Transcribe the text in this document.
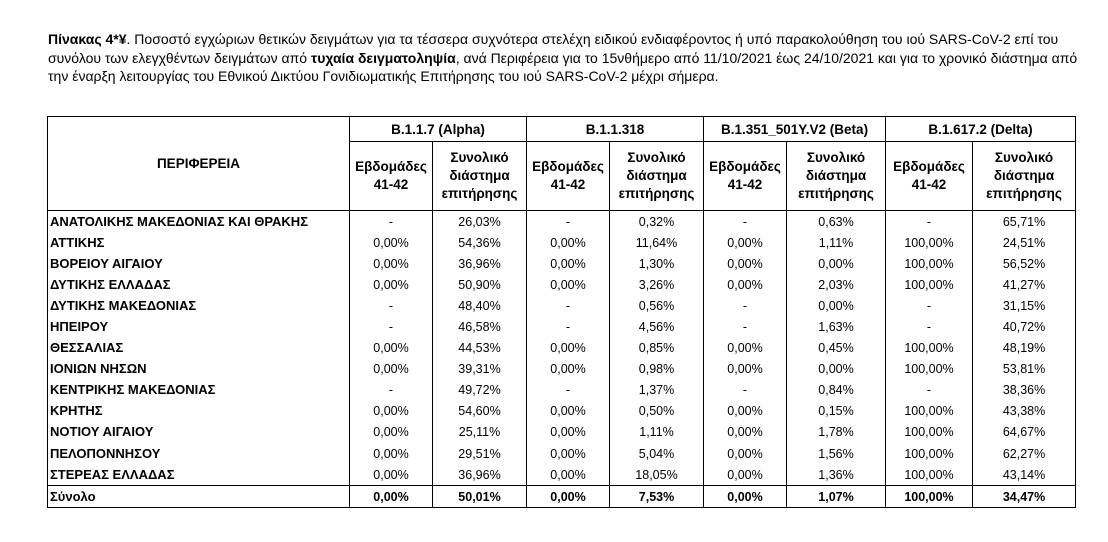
Πίνακας 4*¥. Ποσοστό εγχώριων θετικών δειγμάτων για τα τέσσερα συχνότερα στελέχη ειδικού ενδιαφέροντος ή υπό παρακολούθηση του ιού SARS-CoV-2 επί του συνόλου των ελεγχθέντων δειγμάτων από τυχαία δειγματοληψία, ανά Περιφέρεια για το 15νθήμερο από 11/10/2021 έως 24/10/2021 και για το χρονικό διάστημα από την έναρξη λειτουργίας του Εθνικού Δικτύου Γονιδιωματικής Επιτήρησης του ιού SARS-CoV-2 μέχρι σήμερα.
ΠΕΡΙΦΕΡΕΙΑ	B.1.1.7 (Alpha)		B.1.1.318		B.1.351_501Y.V2 (Beta)		B.1.617.2 (Delta)	
	Εβδομάδες 41-42	Συνολικό διάστημα επιτήρησης	Εβδομάδες 41-42	Συνολικό διάστημα επιτήρησης	Εβδομάδες 41-42	Συνολικό διάστημα επιτήρησης	Εβδομάδες 41-42	Συνολικό διάστημα επιτήρησης
ΑΝΑΤΟΛΙΚΗΣ ΜΑΚΕΔΟΝΙΑΣ ΚΑΙ ΘΡΑΚΗΣ	-	26,03%	-	0,32%	-	0,63%	-	65,71%
ΑΤΤΙΚΗΣ	0,00%	54,36%	0,00%	11,64%	0,00%	1,11%	100,00%	24,51%
ΒΟΡΕΙΟΥ ΑΙΓΑΙΟΥ	0,00%	36,96%	0,00%	1,30%	0,00%	0,00%	100,00%	56,52%
ΔΥΤΙΚΗΣ ΕΛΛΑΔΑΣ	0,00%	50,90%	0,00%	3,26%	0,00%	2,03%	100,00%	41,27%
ΔΥΤΙΚΗΣ ΜΑΚΕΔΟΝΙΑΣ	-	48,40%	-	0,56%	-	0,00%	-	31,15%
ΗΠΕΙΡΟΥ	-	46,58%	-	4,56%	-	1,63%	-	40,72%
ΘΕΣΣΑΛΙΑΣ	0,00%	44,53%	0,00%	0,85%	0,00%	0,45%	100,00%	48,19%
ΙΟΝΙΩΝ ΝΗΣΩΝ	0,00%	39,31%	0,00%	0,98%	0,00%	0,00%	100,00%	53,81%
ΚΕΝΤΡΙΚΗΣ ΜΑΚΕΔΟΝΙΑΣ	-	49,72%	-	1,37%	-	0,84%	-	38,36%
ΚΡΗΤΗΣ	0,00%	54,60%	0,00%	0,50%	0,00%	0,15%	100,00%	43,38%
ΝΟΤΙΟΥ ΑΙΓΑΙΟΥ	0,00%	25,11%	0,00%	1,11%	0,00%	1,78%	100,00%	64,67%
ΠΕΛΟΠΟΝΝΗΣΟΥ	0,00%	29,51%	0,00%	5,04%	0,00%	1,56%	100,00%	62,27%
ΣΤΕΡΕΑΣ ΕΛΛΑΔΑΣ	0,00%	36,96%	0,00%	18,05%	0,00%	1,36%	100,00%	43,14%
Σύνολο	0,00%	50,01%	0,00%	7,53%	0,00%	1,07%	100,00%	34,47%
